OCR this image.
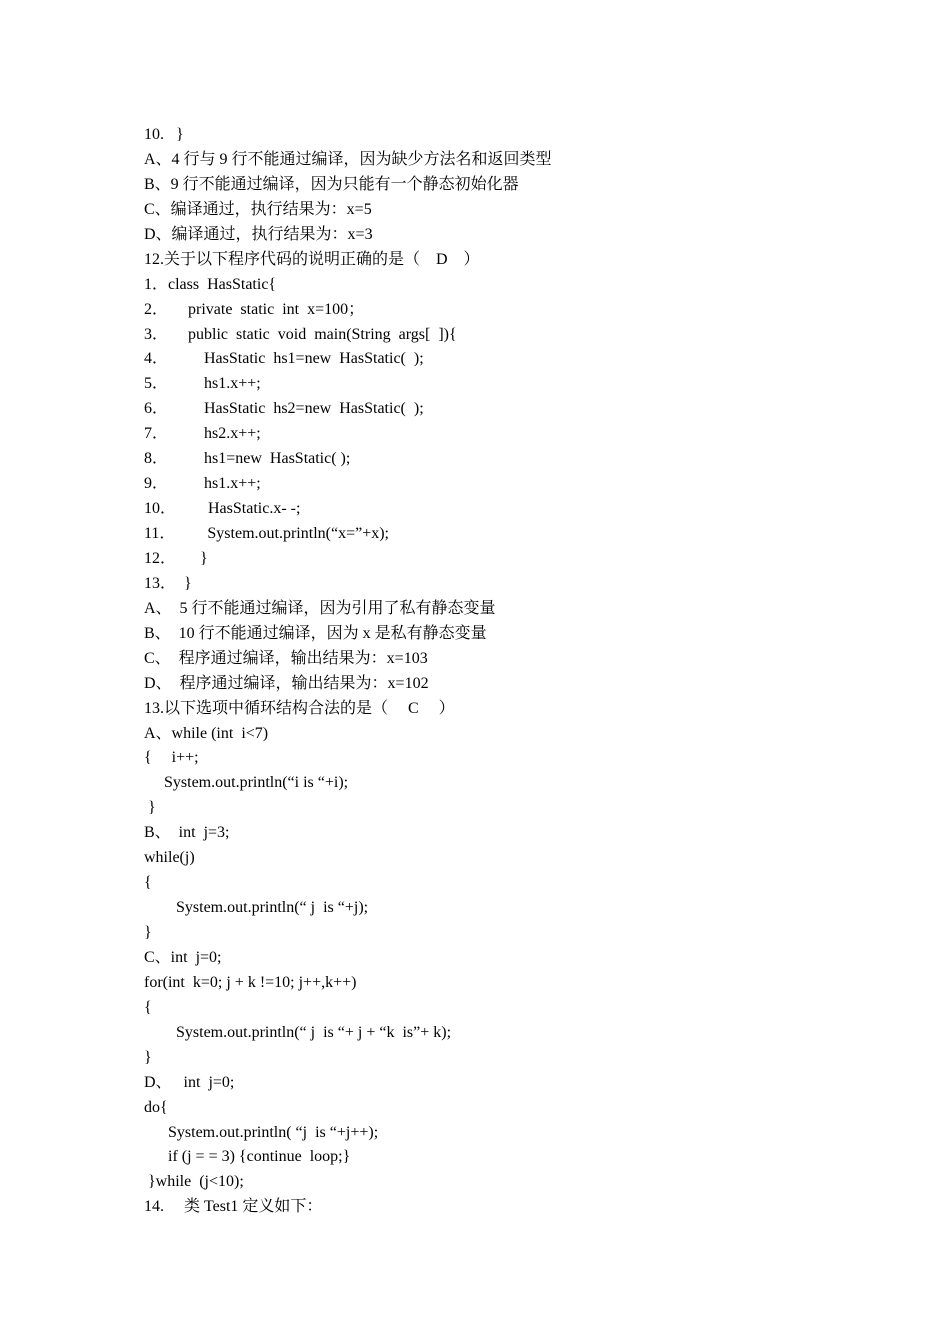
10.   }
A、4 行与 9 行不能通过编译，因为缺少方法名和返回类型
B、9 行不能通过编译，因为只能有一个静态初始化器
C、编译通过，执行结果为：x=5
D、编译通过，执行结果为：x=3
12.关于以下程序代码的说明正确的是（    D    ）
1．class  HasStatic{
2．     private  static  int  x=100；
3．     public  static  void  main(String  args[  ]){
4．         HasStatic  hs1=new  HasStatic(  );
5．         hs1.x++;
6．         HasStatic  hs2=new  HasStatic(  );
7．         hs2.x++;
8．         hs1=new  HasStatic( );
9．         hs1.x++;
10．        HasStatic.x- -;
11．        System.out.println(“x=”+x);
12．      }
13．  }
A、  5 行不能通过编译，因为引用了私有静态变量
B、  10 行不能通过编译，因为 x 是私有静态变量
C、  程序通过编译，输出结果为：x=103
D、  程序通过编译，输出结果为：x=102
13.以下选项中循环结构合法的是（     C     ）
A、while (int  i<7)
{     i++;
System.out.println(“i is “+i);
}
B、  int  j=3;
while(j)
{
System.out.println(“ j  is “+j);
}
C、int  j=0;
for(int  k=0; j + k !=10; j++,k++)
{
System.out.println(“ j  is “+ j + “k  is”+ k);
}
D、   int  j=0;
do{
System.out.println( “j  is “+j++);
if (j = = 3) {continue  loop;}
}while  (j<10);
14.     类 Test1 定义如下：
